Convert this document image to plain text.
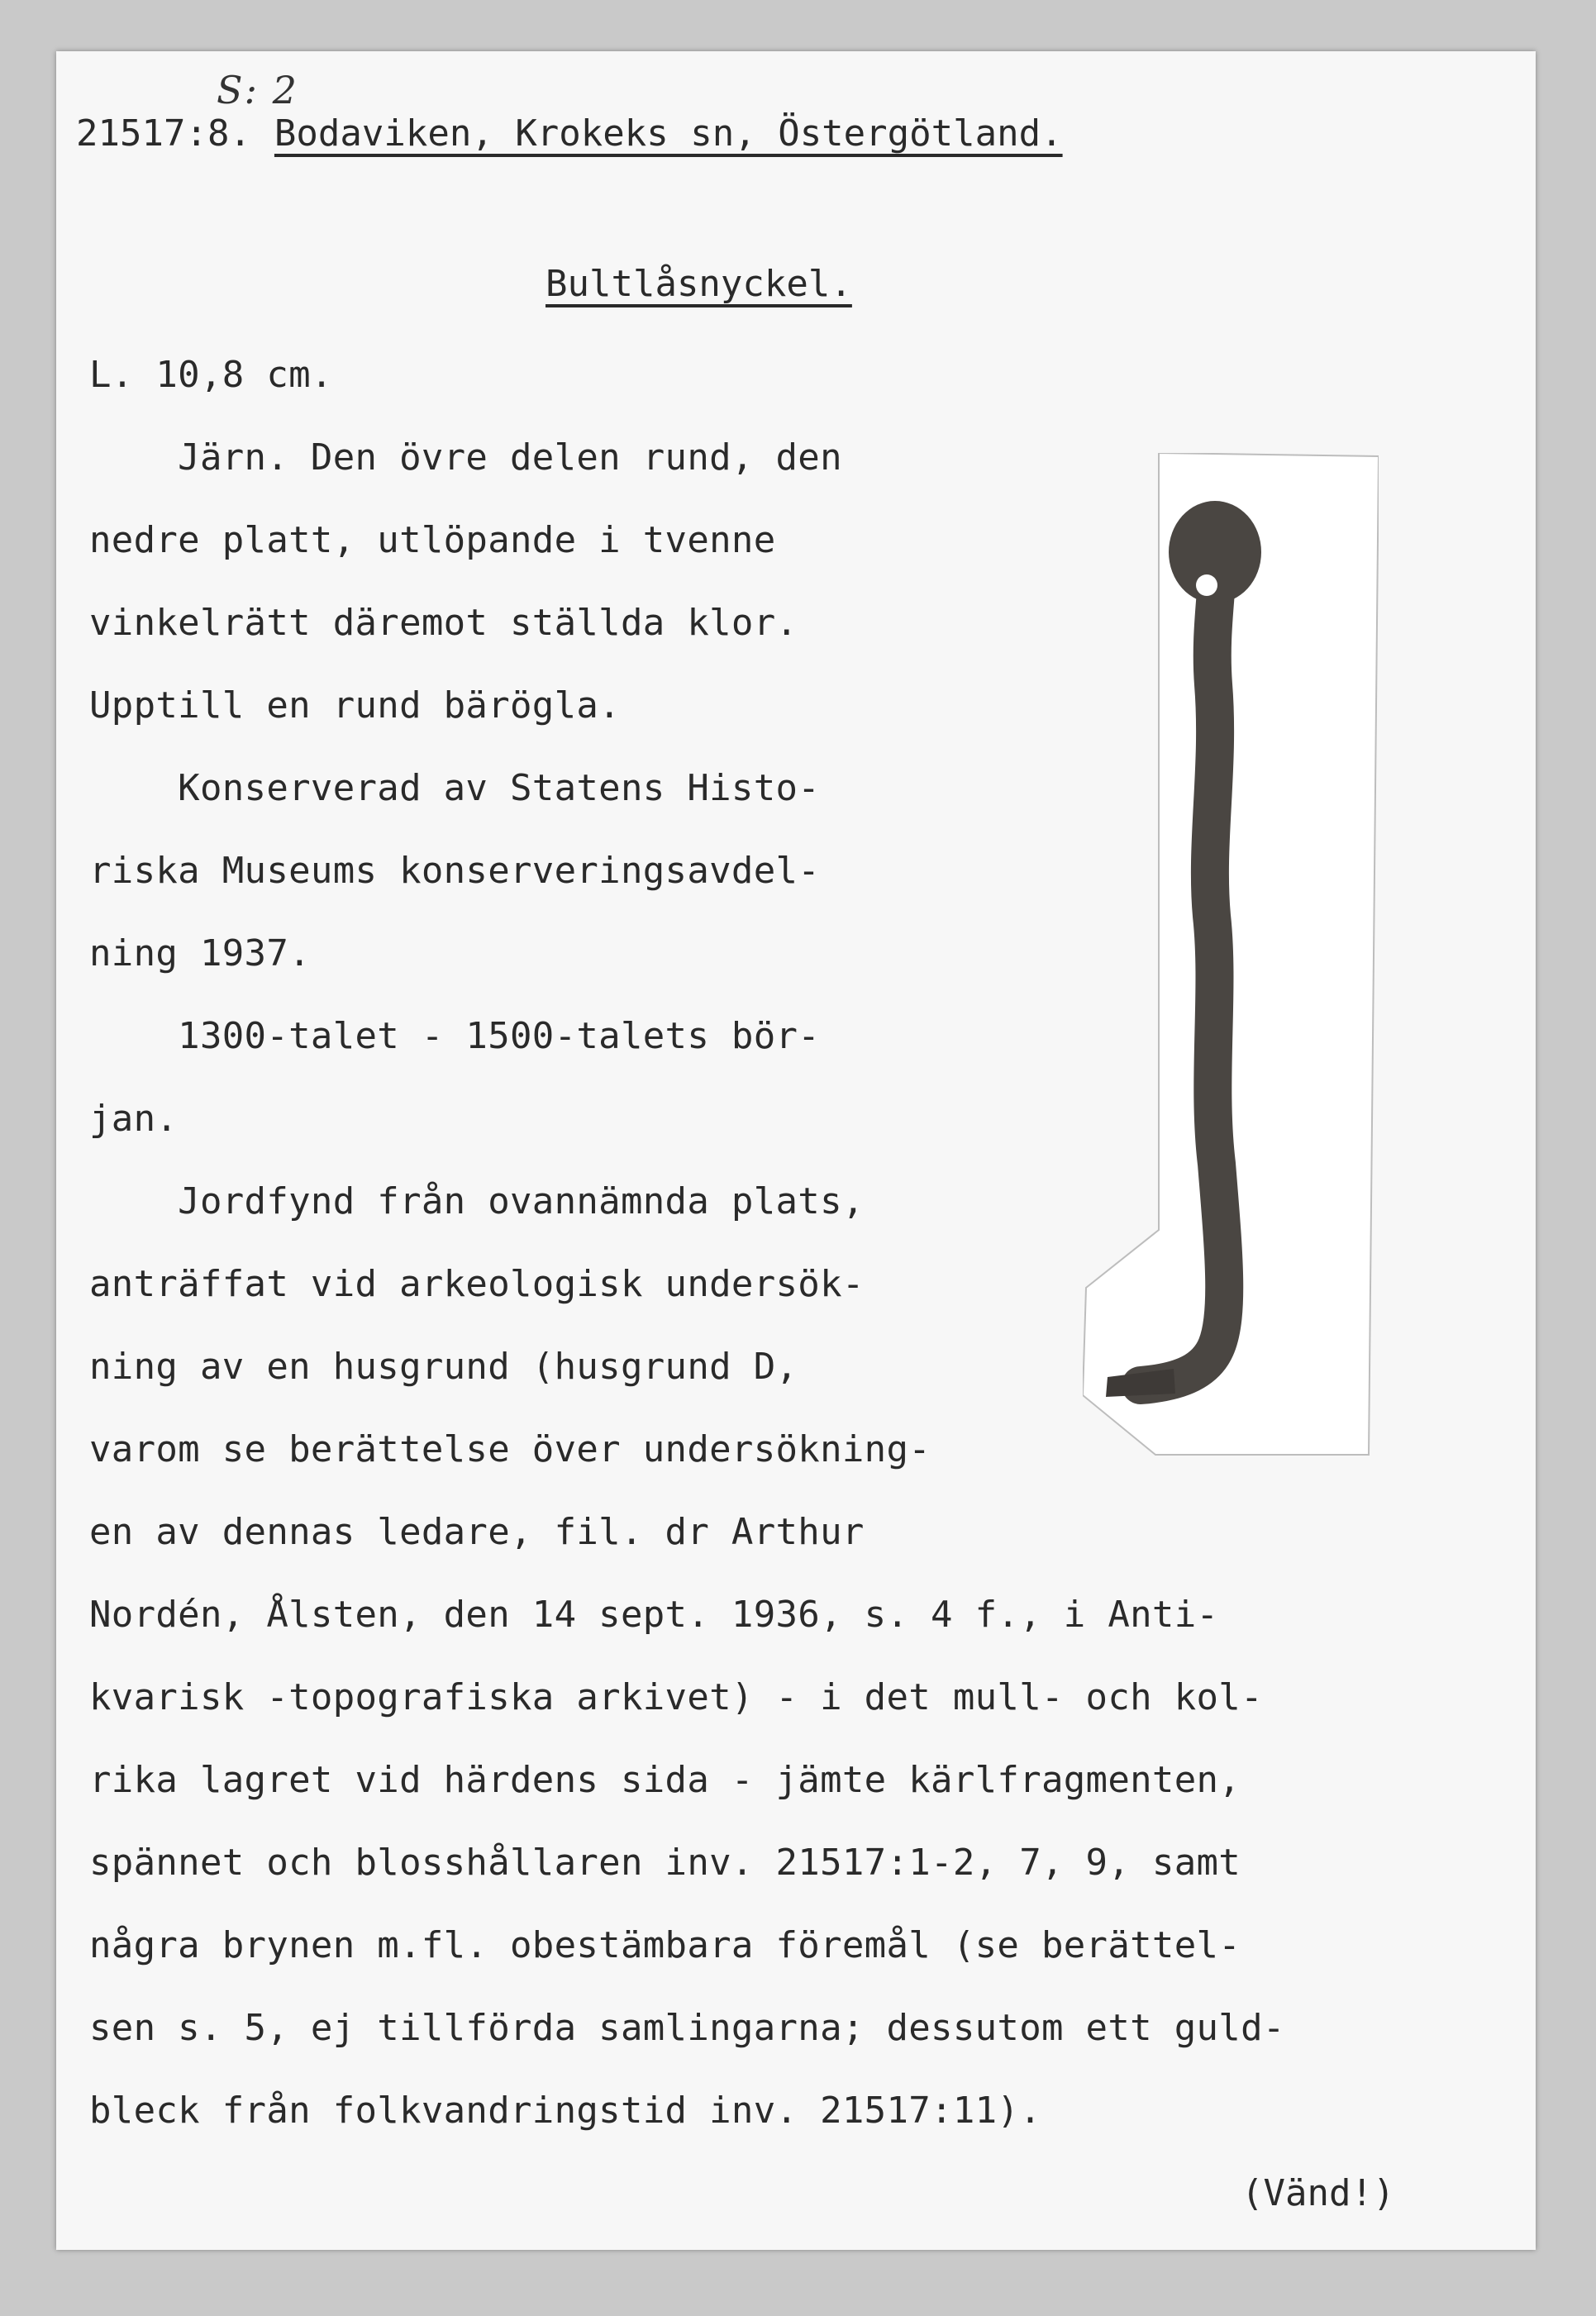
S: 2
21517:8. Bodaviken, Krokeks sn, Östergötland.
Bultlåsnyckel.
L. 10,8 cm.
Järn. Den övre delen rund, den
nedre platt, utlöpande i tvenne
vinkelrätt däremot ställda klor.
Upptill en rund bärögla.
Konserverad av Statens Histo-
riska Museums konserveringsavdel-
ning 1937.
1300-talet - 1500-talets bör-
jan.
Jordfynd från ovannämnda plats,
anträffat vid arkeologisk undersök-
ning av en husgrund (husgrund D,
varom se berättelse över undersökning-
en av dennas ledare, fil. dr Arthur
Nordén, Ålsten, den 14 sept. 1936, s. 4 f., i Anti-
kvarisk -topografiska arkivet) - i det mull- och kol-
rika lagret vid härdens sida - jämte kärlfragmenten,
spännet och blosshållaren inv. 21517:1-2, 7, 9, samt
några brynen m.fl. obestämbara föremål (se berättel-
sen s. 5, ej tillförda samlingarna; dessutom ett guld-
bleck från folkvandringstid inv. 21517:11).
(Vänd!)
